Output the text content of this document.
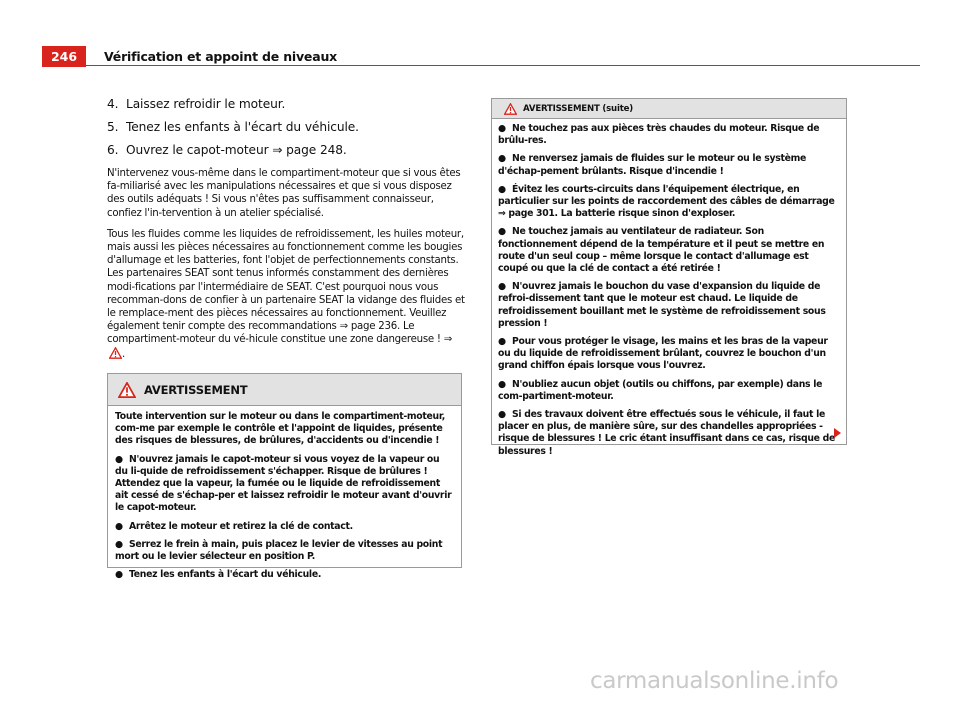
246	Vérification et appoint de niveaux
4. Laissez refroidir le moteur.
5. Tenez les enfants à l'écart du véhicule.
6. Ouvrez le capot-moteur ⇒ page 248.

N'intervenez vous-même dans le compartiment-moteur que si vous êtes fa-miliarisé avec les manipulations nécessaires et que si vous disposez des outils adéquats ! Si vous n'êtes pas suffisamment connaisseur, confiez l'in-tervention à un atelier spécialisé.

Tous les fluides comme les liquides de refroidissement, les huiles moteur, mais aussi les pièces nécessaires au fonctionnement comme les bougies d'allumage et les batteries, font l'objet de perfectionnements constants. Les partenaires SEAT sont tenus informés constamment des dernières modi-fications par l'intermédiaire de SEAT. C'est pourquoi nous vous recomman-dons de confier à un partenaire SEAT la vidange des fluides et le remplace-ment des pièces nécessaires au fonctionnement. Veuillez également tenir compte des recommandations ⇒ page 236. Le compartiment-moteur du vé-hicule constitue une zone dangereuse ! ⇒ .

AVERTISSEMENT

Toute intervention sur le moteur ou dans le compartiment-moteur, com-me par exemple le contrôle et l'appoint de liquides, présente des risques de blessures, de brûlures, d'accidents ou d'incendie !

● N'ouvrez jamais le capot-moteur si vous voyez de la vapeur ou du li-quide de refroidissement s'échapper. Risque de brûlures ! Attendez que la vapeur, la fumée ou le liquide de refroidissement ait cessé de s'échap-per et laissez refroidir le moteur avant d'ouvrir le capot-moteur.

● Arrêtez le moteur et retirez la clé de contact.

● Serrez le frein à main, puis placez le levier de vitesses au point mort ou le levier sélecteur en position P.

● Tenez les enfants à l'écart du véhicule.

AVERTISSEMENT (suite)

● Ne touchez pas aux pièces très chaudes du moteur. Risque de brûlu-res.

● Ne renversez jamais de fluides sur le moteur ou le système d'échap-pement brûlants. Risque d'incendie !

● Évitez les courts-circuits dans l'équipement électrique, en particulier sur les points de raccordement des câbles de démarrage ⇒ page 301. La batterie risque sinon d'exploser.

● Ne touchez jamais au ventilateur de radiateur. Son fonctionnement dépend de la température et il peut se mettre en route d'un seul coup – même lorsque le contact d'allumage est coupé ou que la clé de contact a été retirée !

● N'ouvrez jamais le bouchon du vase d'expansion du liquide de refroi-dissement tant que le moteur est chaud. Le liquide de refroidissement bouillant met le système de refroidissement sous pression !

● Pour vous protéger le visage, les mains et les bras de la vapeur ou du liquide de refroidissement brûlant, couvrez le bouchon d'un grand chiffon épais lorsque vous l'ouvrez.

● N'oubliez aucun objet (outils ou chiffons, par exemple) dans le com-partiment-moteur.

● Si des travaux doivent être effectués sous le véhicule, il faut le placer en plus, de manière sûre, sur des chandelles appropriées - risque de blessures ! Le cric étant insuffisant dans ce cas, risque de blessures !

carmanualsonline.info
